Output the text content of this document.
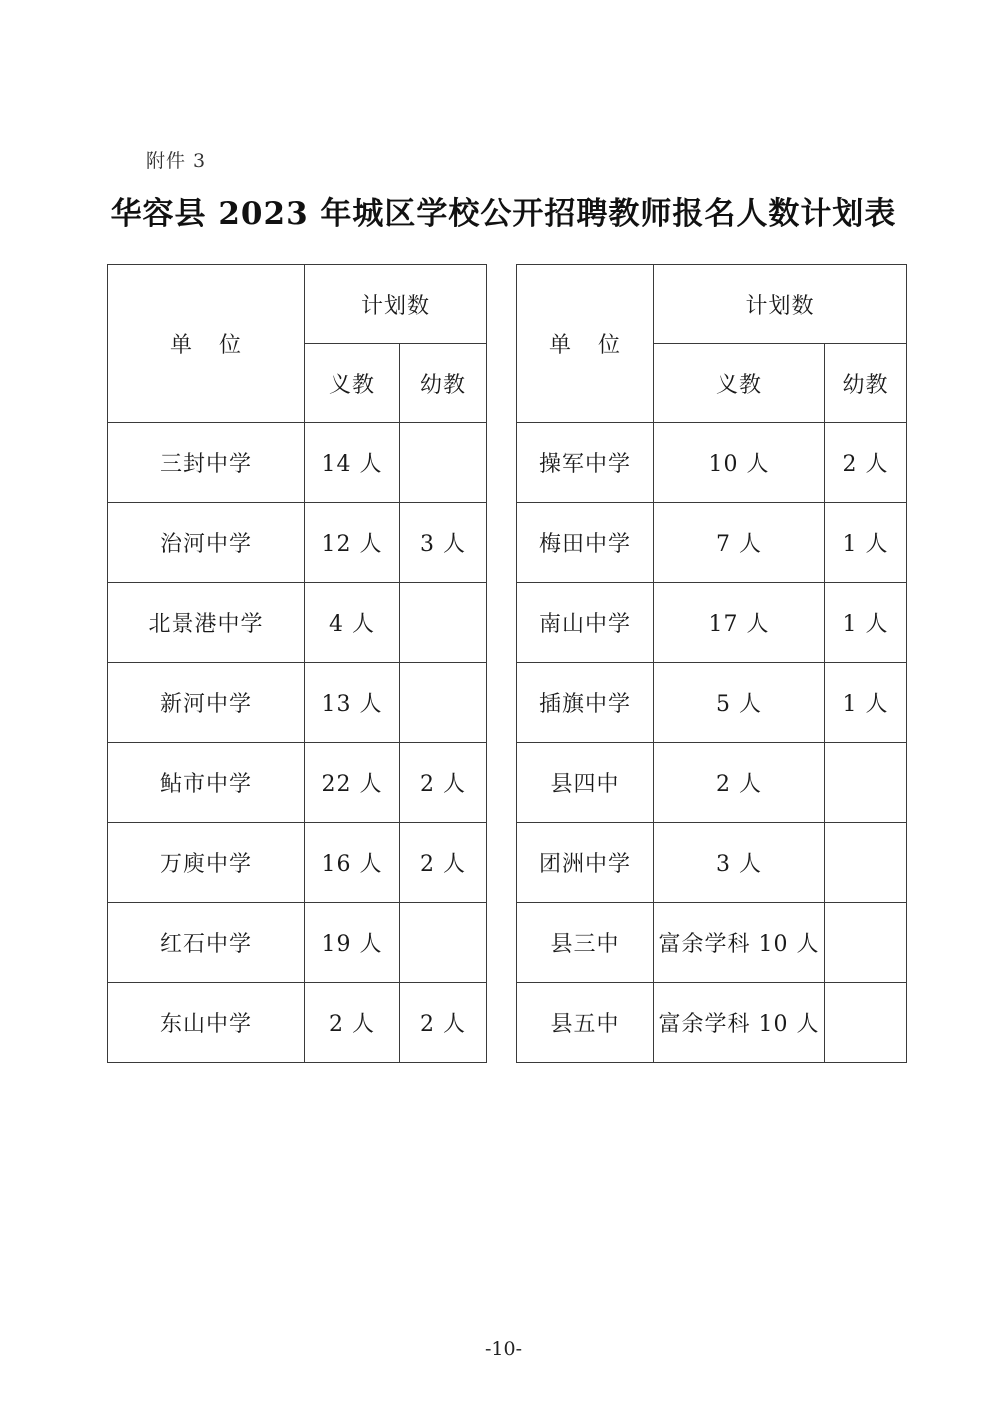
附件 3
华容县 2023 年城区学校公开招聘教师报名人数计划表
单 位	计划数	
	义教	幼教
三封中学	14 人	
治河中学	12 人	3 人
北景港中学	4 人	
新河中学	13 人	
鲇市中学	22 人	2 人
万庾中学	16 人	2 人
红石中学	19 人	
东山中学	2 人	2 人
单 位	计划数	
	义教	幼教
操军中学	10 人	2 人
梅田中学	7 人	1 人
南山中学	17 人	1 人
插旗中学	5 人	1 人
县四中	2 人	
团洲中学	3 人	
县三中	富余学科 10 人	
县五中	富余学科 10 人	
-10-
